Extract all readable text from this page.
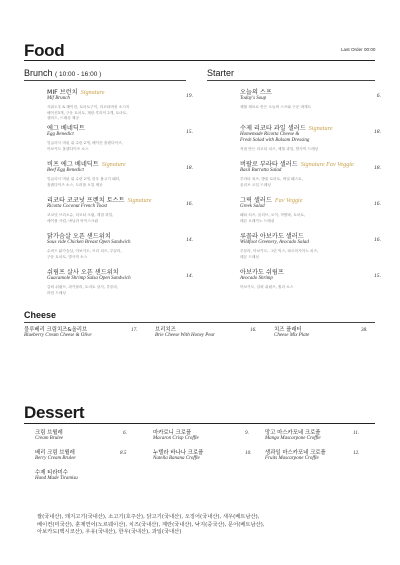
Food	Last Order 00:00
Brunch ( 10:00 - 16:00 )	Starter
MIF 브런치 Signature
Mif Brunch
사워도우 & 베이컨, 토마토구이, 리코타버섯 소시지
베이컨3개, 구운 토마토, 계란 후라이 2개, 토마토,
샐러드, 드레싱 제공
19.
에그 베네딕트
Egg Benedict
잉글리시 머핀 위 수란 2개, 베이컨 홀랜다이즈,
아보카도 홀랜다이즈 소스
15.
비프 에그 베네딕트 Signature
Beef Egg Benedict
잉글리시 머핀 위 수란 2개, 한우 불고기 패티,
홀랜다이즈 소스, 트러플 오일 제공
18.
리코타 코코넛 프렌치 토스트 Signature
Ricotta Coconut French Toast
코코넛 브리오슈, 리코타 크림, 계절 과일,
메이플 시럽, 바닐라 아이스크림
16.
닭가슴살 오픈 샌드위치
Sous vide Chicken Breast Open Sandwich
수비드 닭가슴살, 아보카도, 브리 치즈, 루꼴라,
구운 토마토, 발사믹 소스
14.
쉬림프 살사 오픈 샌드위치
Guacamole Shrimp Salsa Open Sandwich
갈릭 쉬림프, 과카몰리, 토마토 살사, 루꼴라,
라임 드레싱
14.
오늘의 스프
Today's Soup
제철 재료로 만든 오늘의 스프와 구운 바게트
6.
수제 리코타 과일 샐러드 Signature
Homemade Ricotta Cheese &
Fresh Salad with Balsam Dressing
직접 만든 리코타 치즈, 제철 과일, 발사믹 드레싱
18.
버팔로 부라타 샐러드 Signature Fav Veggie
Basil Burratta Salad
부라타 치즈, 방울 토마토, 바질 페스토,
올리브 오일 드레싱
18.
그릭 샐러드 Fav Veggie
Greek Salad
페타 치즈, 올리브, 오이, 적양파, 토마토,
레몬 오레가노 드레싱
16.
루꼴라 아보카도 샐러드
Wildfoot Greenery, Avocado Salad
루꼴라, 아보카도, 그린 믹스, 파르미지아노 치즈,
레몬 드레싱
16.
아보카도 쉬림프
Avocado Shrimp
아보카도, 갈릭 쉬림프, 칠리 소스
15.
Cheese
블루베리 크림치즈&올리브
Blueberry Cream Cheese & Olive
17.	브리치즈
Brie Cheese With Honey Pear
16.	치즈 플래터
Cheese Mix Plate
38.
Dessert
크림 브륄레
Cream Brulee
6.
베리 크림 브륄레
Berry Cream Brulee
8.5
수제 티라미수
Hand Made Tiramisu
마카로니 크로플
Macaron Crisp Croffle
9.
누텔라 바나나 크로플
Nutella Banana Croffle
10.
망고 마스카포네 크로플
Mango Mascarpone Croffle
11.
생과일 마스카포네 크로플
Fruits Mascarpone Croffle
12.
쌀(국내산), 돼지고기(국내산), 소고기(호주산), 닭고기(국내산), 오징어(국내산), 새우(베트남산),
베이컨(미국산), 훈제연어(노르웨이산), 치즈(국내산), 계란(국내산), 낙지(중국산), 문어(베트남산),
아보카도(멕시코산), 우유(국내산), 한우(국내산), 과일(국내산)
